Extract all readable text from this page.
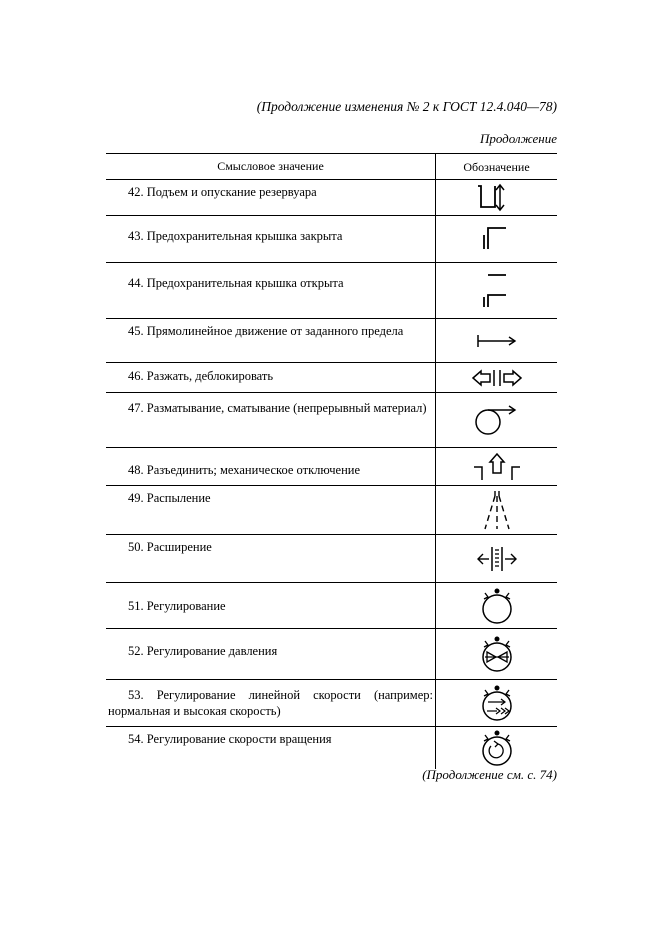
(Продолжение изменения № 2 к ГОСТ 12.4.040—78)
Продолжение
Смысловое значение	Обозначение
42. Подъем и опускание резервуара
43. Предохранительная крышка закрыта
44. Предохранительная крышка открыта
45. Прямолинейное движение от заданного предела
46. Разжать, деблокировать
47. Разматывание, сматывание (непрерывный материал)
48. Разъединить; механическое отключение
49. Распыление
50. Расширение
51. Регулирование
52. Регулирование давления
53. Регулирование линейной скорости (например: нормальная и высокая скорость)
54. Регулирование скорости вращения
(Продолжение см. с. 74)
